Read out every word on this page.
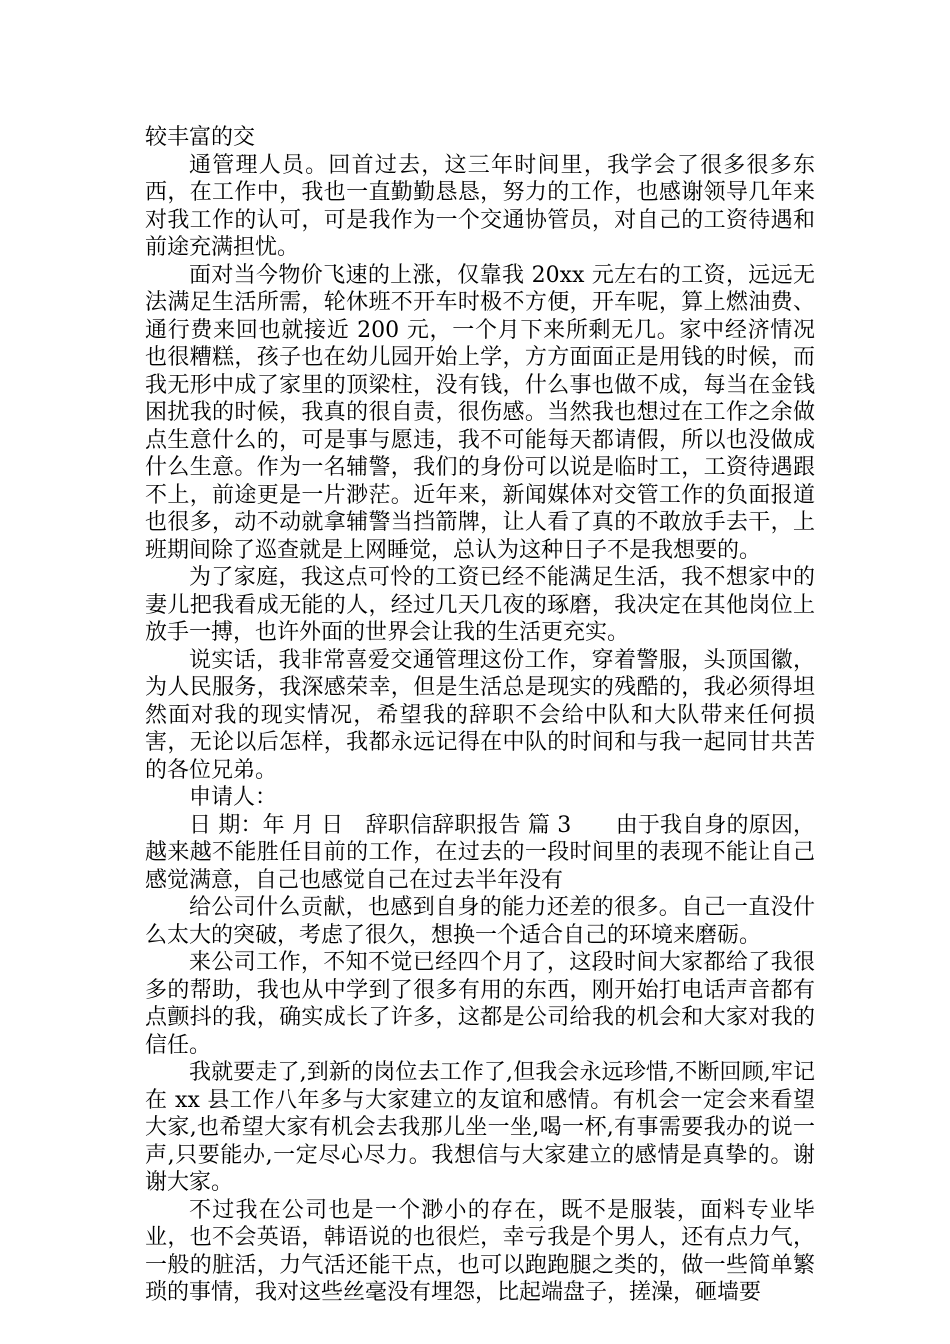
较丰富的交

通管理人员。回首过去，这三年时间里，我学会了很多很多东西，在工作中，我也一直勤勤恳恳，努力的工作，也感谢领导几年来对我工作的认可，可是我作为一个交通协管员，对自己的工资待遇和前途充满担忧。

面对当今物价飞速的上涨，仅靠我 20xx 元左右的工资，远远无法满足生活所需，轮休班不开车时极不方便，开车呢，算上燃油费、通行费来回也就接近 200 元，一个月下来所剩无几。家中经济情况也很糟糕，孩子也在幼儿园开始上学，方方面面正是用钱的时候，而我无形中成了家里的顶梁柱，没有钱，什么事也做不成，每当在金钱困扰我的时候，我真的很自责，很伤感。当然我也想过在工作之余做点生意什么的，可是事与愿违，我不可能每天都请假，所以也没做成什么生意。作为一名辅警，我们的身份可以说是临时工，工资待遇跟不上，前途更是一片渺茫。近年来，新闻媒体对交管工作的负面报道也很多，动不动就拿辅警当挡箭牌，让人看了真的不敢放手去干，上班期间除了巡查就是上网睡觉，总认为这种日子不是我想要的。

为了家庭，我这点可怜的工资已经不能满足生活，我不想家中的妻儿把我看成无能的人，经过几天几夜的琢磨，我决定在其他岗位上放手一搏，也许外面的世界会让我的生活更充实。

说实话，我非常喜爱交通管理这份工作，穿着警服，头顶国徽，为人民服务，我深感荣幸，但是生活总是现实的残酷的，我必须得坦然面对我的现实情况，希望我的辞职不会给中队和大队带来任何损害，无论以后怎样，我都永远记得在中队的时间和与我一起同甘共苦的各位兄弟。

申请人：

日 期：年 月 日　辞职信辞职报告 篇 3　　由于我自身的原因，越来越不能胜任目前的工作，在过去的一段时间里的表现不能让自己感觉满意，自己也感觉自己在过去半年没有

给公司什么贡献，也感到自身的能力还差的很多。自己一直没什么太大的突破，考虑了很久，想换一个适合自己的环境来磨砺。

来公司工作，不知不觉已经四个月了，这段时间大家都给了我很多的帮助，我也从中学到了很多有用的东西，刚开始打电话声音都有点颤抖的我，确实成长了许多，这都是公司给我的机会和大家对我的信任。

我就要走了,到新的岗位去工作了,但我会永远珍惜,不断回顾,牢记在 xx 县工作八年多与大家建立的友谊和感情。有机会一定会来看望大家,也希望大家有机会去我那儿坐一坐,喝一杯,有事需要我办的说一声,只要能办,一定尽心尽力。我想信与大家建立的感情是真挚的。谢谢大家。

不过我在公司也是一个渺小的存在，既不是服装，面料专业毕业，也不会英语，韩语说的也很烂，幸亏我是个男人，还有点力气，一般的脏活，力气活还能干点，也可以跑跑腿之类的，做一些简单繁琐的事情，我对这些丝毫没有埋怨，比起端盘子，搓澡，砸墙要
